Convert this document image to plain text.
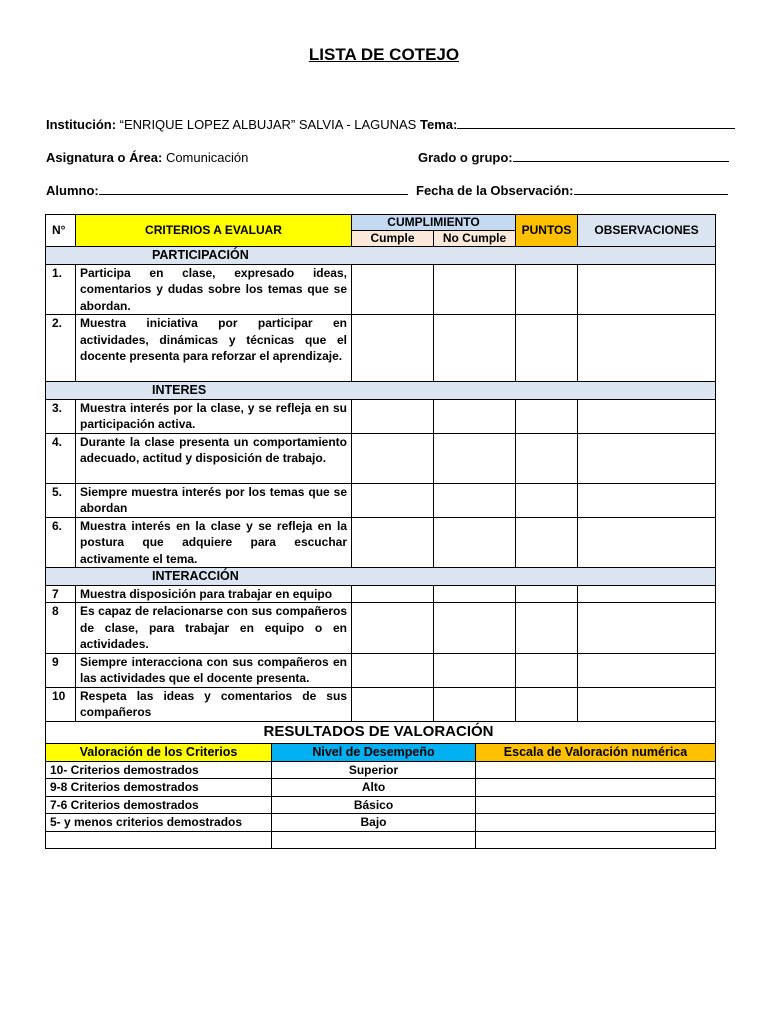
LISTA DE COTEJO
Institución: “ENRIQUE LOPEZ ALBUJAR” SALVIA - LAGUNAS Tema:
Asignatura o Área: Comunicación	Grado o grupo:
Alumno:	Fecha de la Observación:
N°	CRITERIOS A EVALUAR	CUMPLIMIENTO		PUNTOS	OBSERVACIONES
		Cumple	No Cumple		
PARTICIPACIÓN					
1.	Participa en clase, expresado ideas, comentarios y dudas sobre los temas que se abordan.				
2.	Muestra iniciativa por participar en actividades, dinámicas y técnicas que el docente presenta para reforzar el aprendizaje.				
INTERES					
3.	Muestra interés por la clase, y se refleja en su participación activa.				
4.	Durante la clase presenta un comportamiento adecuado, actitud y disposición de trabajo.				
5.	Siempre muestra interés por los temas que se abordan				
6.	Muestra interés en la clase y se refleja en la postura que adquiere para escuchar activamente el tema.				
INTERACCIÓN					
7	Muestra disposición para trabajar en equipo				
8	Es capaz de relacionarse con sus compañeros de clase, para trabajar en equipo o en actividades.				
9	Siempre interacciona con sus compañeros en las actividades que el docente presenta.				
10	Respeta las ideas y comentarios de sus compañeros				
RESULTADOS DE VALORACIÓN					
Valoración de los Criterios	Nivel de Desempeño	Escala de Valoración numérica
10- Criterios demostrados	Superior	
9-8 Criterios demostrados	Alto	
7-6 Criterios demostrados	Básico	
5- y menos criterios demostrados	Bajo	
